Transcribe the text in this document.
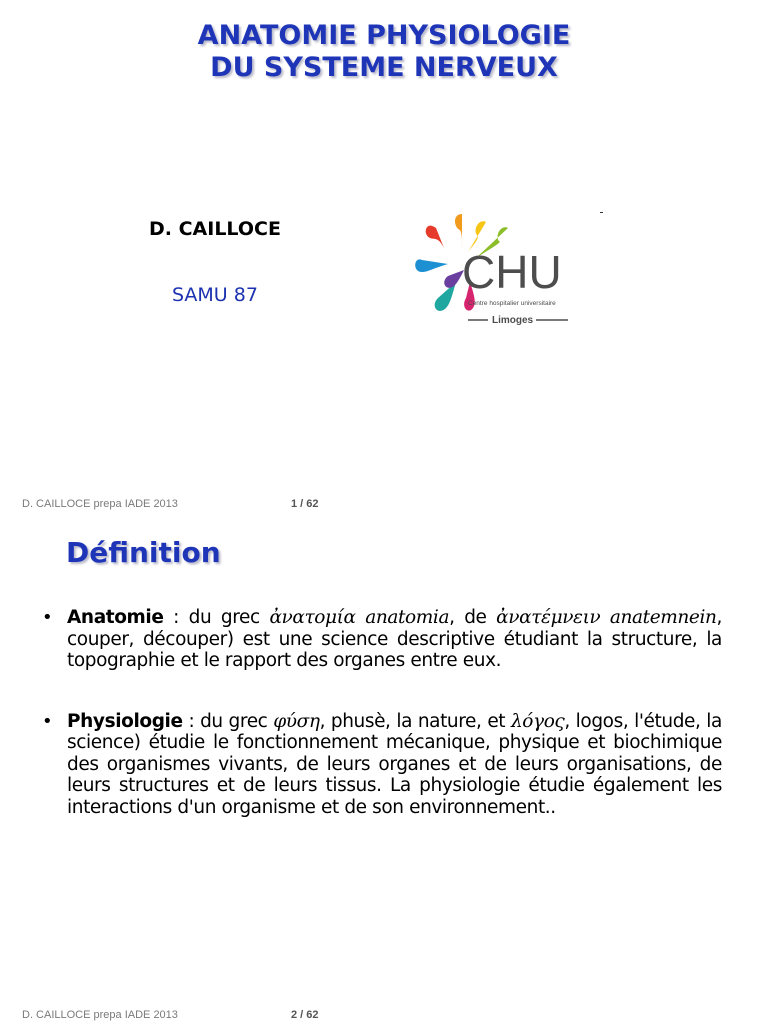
ANATOMIE PHYSIOLOGIE
DU SYSTEME NERVEUX
D. CAILLOCE
SAMU 87	CHU
Centre hospitalier universitaire
Limoges
D. CAILLOCE prepa IADE 2013	1 / 62
Définition
• Anatomie : du grec ἀνατομία anatomia, de ἀνατέμνειν anatemnein, couper, découper) est une science descriptive étudiant la structure, la topographie et le rapport des organes entre eux.
• Physiologie : du grec φύση, phusè, la nature, et λόγος, logos, l'étude, la science) étudie le fonctionnement mécanique, physique et biochimique des organismes vivants, de leurs organes et de leurs organisations, de leurs structures et de leurs tissus. La physiologie étudie également les interactions d'un organisme et de son environnement..
D. CAILLOCE prepa IADE 2013	2 / 62
